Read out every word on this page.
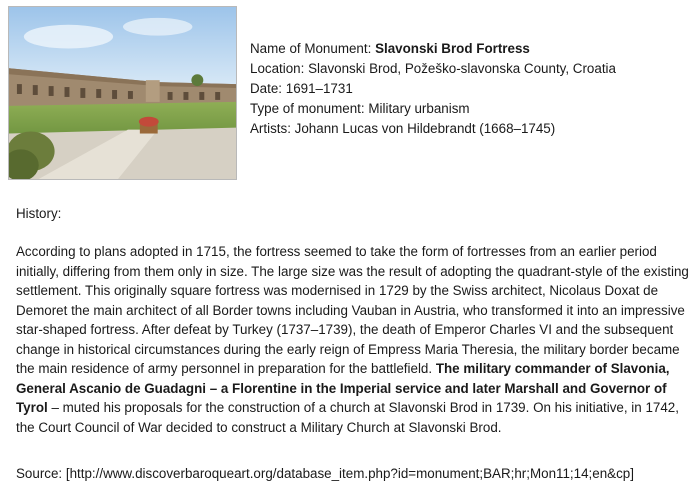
Name of Monument: Slavonski Brod Fortress
Location: Slavonski Brod, Požeško-slavonska County, Croatia
Date: 1691–1731
Type of monument: Military urbanism
Artists: Johann Lucas von Hildebrandt (1668–1745)
History:
According to plans adopted in 1715, the fortress seemed to take the form of fortresses from an earlier period initially, differing from them only in size. The large size was the result of adopting the quadrant-style of the existing settlement. This originally square fortress was modernised in 1729 by the Swiss architect, Nicolaus Doxat de Demoret the main architect of all Border towns including Vauban in Austria, who transformed it into an impressive star-shaped fortress. After defeat by Turkey (1737–1739), the death of Emperor Charles VI and the subsequent change in historical circumstances during the early reign of Empress Maria Theresia, the military border became the main residence of army personnel in preparation for the battlefield. The military commander of Slavonia, General Ascanio de Guadagni – a Florentine in the Imperial service and later Marshall and Governor of Tyrol – muted his proposals for the construction of a church at Slavonski Brod in 1739. On his initiative, in 1742, the Court Council of War decided to construct a Military Church at Slavonski Brod.
Source: [http://www.discoverbaroqueart.org/database_item.php?id=monument;BAR;hr;Mon11;14;en&cp]
